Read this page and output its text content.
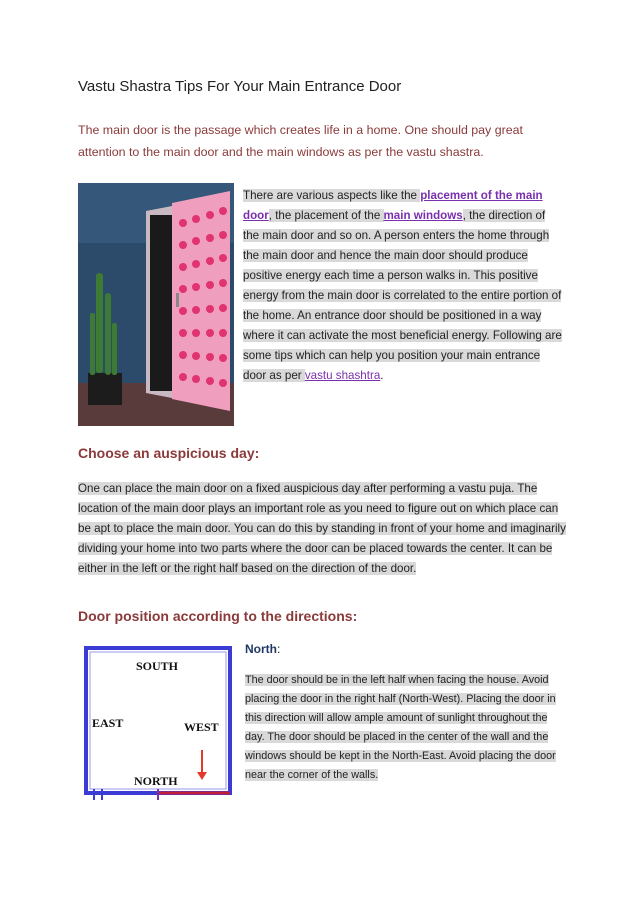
Vastu Shastra Tips For Your Main Entrance Door
The main door is the passage which creates life in a home. One should pay great attention to the main door and the main windows as per the vastu shastra.
There are various aspects like the placement of the main door, the placement of the main windows, the direction of the main door and so on. A person enters the home through the main door and hence the main door should produce positive energy each time a person walks in. This positive energy from the main door is correlated to the entire portion of the home. An entrance door should be positioned in a way where it can activate the most beneficial energy. Following are some tips which can help you position your main entrance door as per vastu shashtra.
Choose an auspicious day:
One can place the main door on a fixed auspicious day after performing a vastu puja. The location of the main door plays an important role as you need to figure out on which place can be apt to place the main door. You can do this by standing in front of your home and imaginarily dividing your home into two parts where the door can be placed towards the center. It can be either in the left or the right half based on the direction of the door.
Door position according to the directions:
SOUTH
EAST	WEST
NORTH
North:
The door should be in the left half when facing the house. Avoid placing the door in the right half (North-West). Placing the door in this direction will allow ample amount of sunlight throughout the day. The door should be placed in the center of the wall and the windows should be kept in the North-East. Avoid placing the door near the corner of the walls.
